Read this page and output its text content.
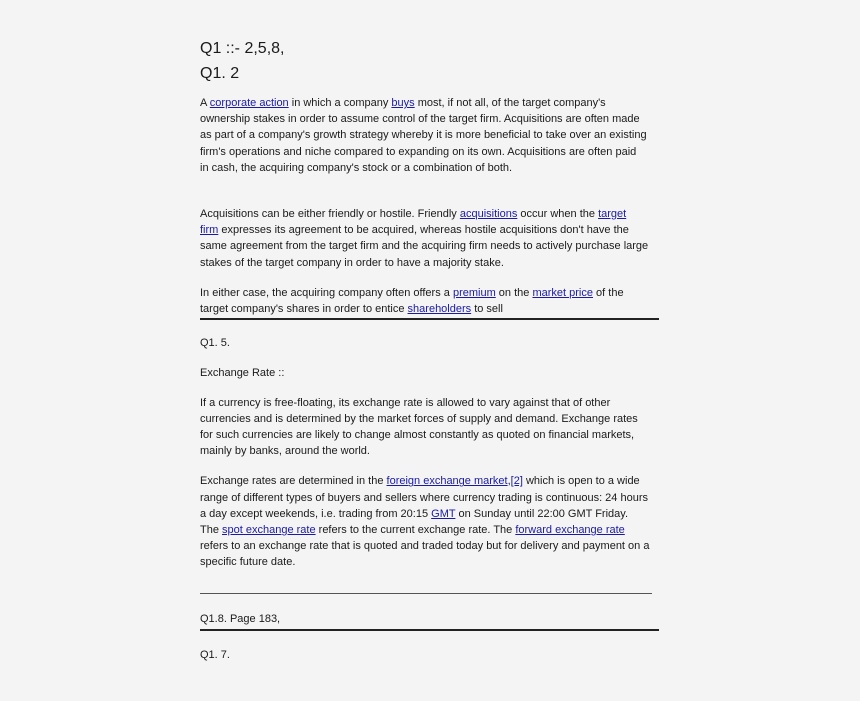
Q1 ::- 2,5,8,
Q1. 2
A corporate action in which a company buys most, if not all, of the target company's
ownership stakes in order to assume control of the target firm. Acquisitions are often made
as part of a company's growth strategy whereby it is more beneficial to take over an existing
firm's operations and niche compared to expanding on its own. Acquisitions are often paid
in cash, the acquiring company's stock or a combination of both.
Acquisitions can be either friendly or hostile. Friendly acquisitions occur when the target
firm expresses its agreement to be acquired, whereas hostile acquisitions don't have the
same agreement from the target firm and the acquiring firm needs to actively purchase large
stakes of the target company in order to have a majority stake.
In either case, the acquiring company often offers a premium on the market price of the
target company's shares in order to entice shareholders to sell
Q1. 5.
Exchange Rate ::
If a currency is free-floating, its exchange rate is allowed to vary against that of other
currencies and is determined by the market forces of supply and demand. Exchange rates
for such currencies are likely to change almost constantly as quoted on financial markets,
mainly by banks, around the world.
Exchange rates are determined in the foreign exchange market,[2] which is open to a wide
range of different types of buyers and sellers where currency trading is continuous: 24 hours
a day except weekends, i.e. trading from 20:15 GMT on Sunday until 22:00 GMT Friday.
The spot exchange rate refers to the current exchange rate. The forward exchange rate
refers to an exchange rate that is quoted and traded today but for delivery and payment on a
specific future date.
Q1.8. Page 183,
Q1. 7.
